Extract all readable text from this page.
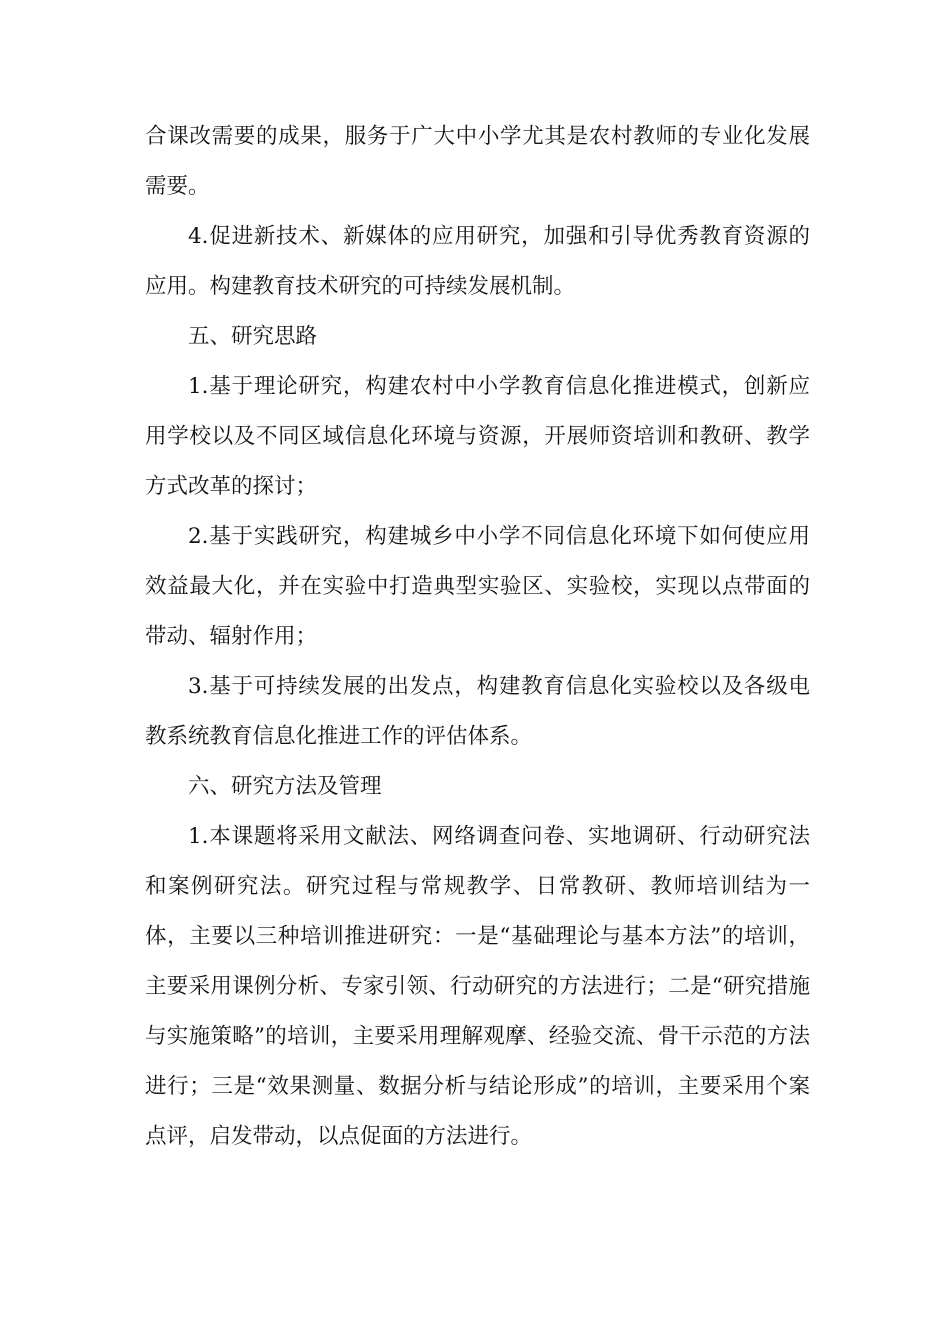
合课改需要的成果，服务于广大中小学尤其是农村教师的专业化发展需要。

4.促进新技术、新媒体的应用研究，加强和引导优秀教育资源的应用。构建教育技术研究的可持续发展机制。

五、研究思路

1.基于理论研究，构建农村中小学教育信息化推进模式，创新应用学校以及不同区域信息化环境与资源，开展师资培训和教研、教学方式改革的探讨；

2.基于实践研究，构建城乡中小学不同信息化环境下如何使应用效益最大化，并在实验中打造典型实验区、实验校，实现以点带面的带动、辐射作用；

3.基于可持续发展的出发点，构建教育信息化实验校以及各级电教系统教育信息化推进工作的评估体系。

六、研究方法及管理

1.本课题将采用文献法、网络调查问卷、实地调研、行动研究法和案例研究法。研究过程与常规教学、日常教研、教师培训结为一体，主要以三种培训推进研究：一是“基础理论与基本方法”的培训，主要采用课例分析、专家引领、行动研究的方法进行；二是“研究措施与实施策略”的培训，主要采用理解观摩、经验交流、骨干示范的方法进行；三是“效果测量、数据分析与结论形成”的培训，主要采用个案点评，启发带动，以点促面的方法进行。
